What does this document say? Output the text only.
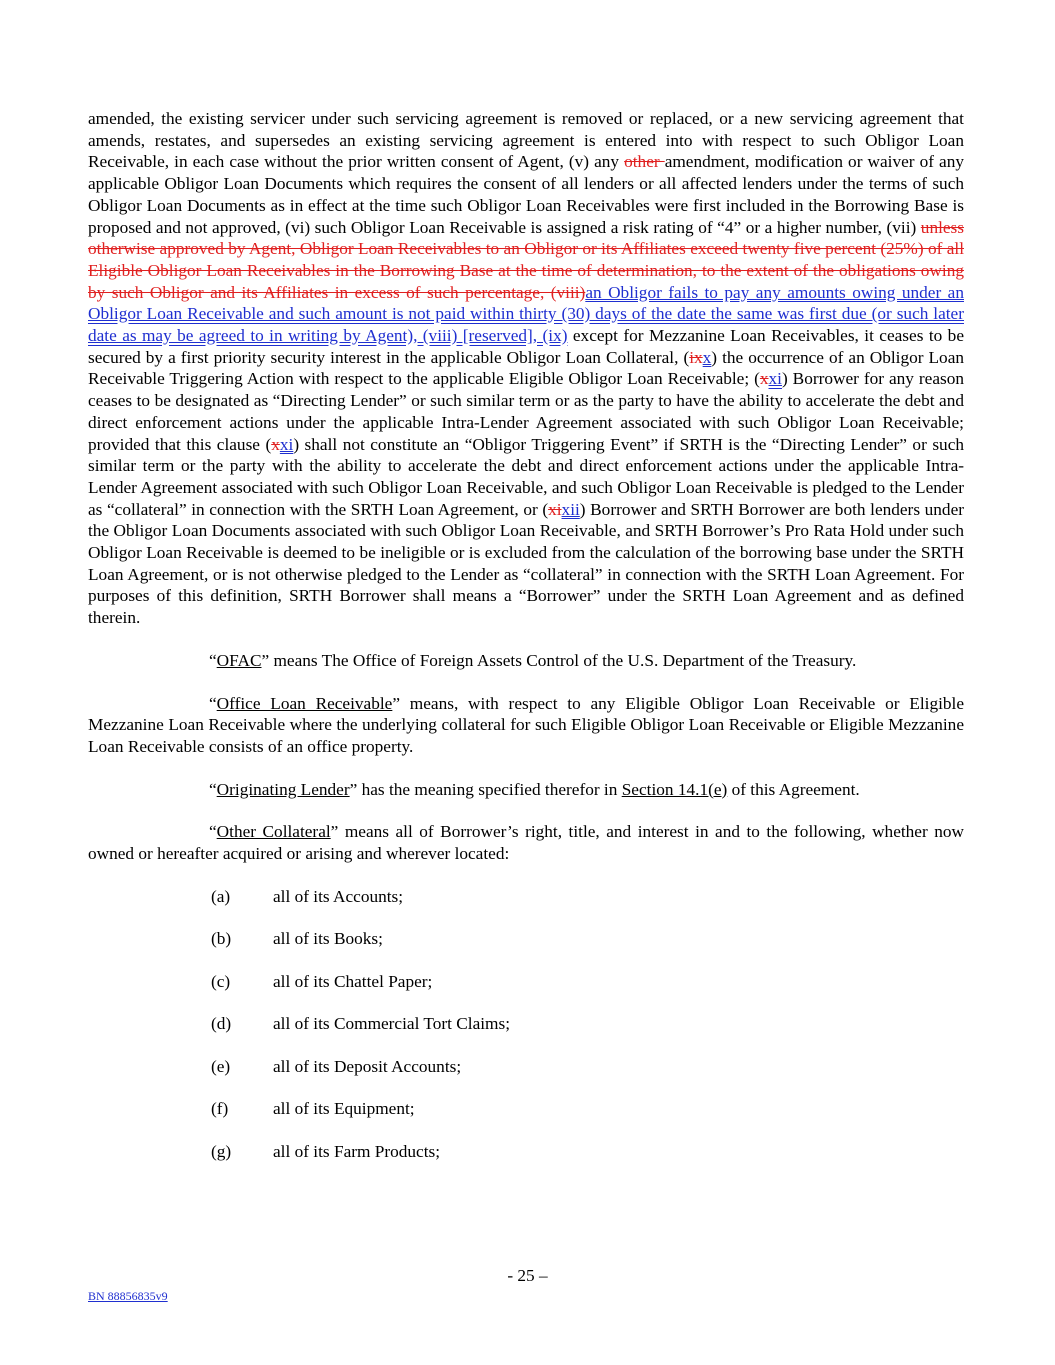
amended, the existing servicer under such servicing agreement is removed or replaced, or a new servicing agreement that amends, restates, and supersedes an existing servicing agreement is entered into with respect to such Obligor Loan Receivable, in each case without the prior written consent of Agent, (v) any other amendment, modification or waiver of any applicable Obligor Loan Documents which requires the consent of all lenders or all affected lenders under the terms of such Obligor Loan Documents as in effect at the time such Obligor Loan Receivables were first included in the Borrowing Base is proposed and not approved, (vi) such Obligor Loan Receivable is assigned a risk rating of “4” or a higher number, (vii) unless otherwise approved by Agent, Obligor Loan Receivables to an Obligor or its Affiliates exceed twenty five percent (25%) of all Eligible Obligor Loan Receivables in the Borrowing Base at the time of determination, to the extent of the obligations owing by such Obligor and its Affiliates in excess of such percentage, (viii)an Obligor fails to pay any amounts owing under an Obligor Loan Receivable and such amount is not paid within thirty (30) days of the date the same was first due (or such later date as may be agreed to in writing by Agent), (viii) [reserved], (ix) except for Mezzanine Loan Receivables, it ceases to be secured by a first priority security interest in the applicable Obligor Loan Collateral, (ixx) the occurrence of an Obligor Loan Receivable Triggering Action with respect to the applicable Eligible Obligor Loan Receivable; (xxi) Borrower for any reason ceases to be designated as “Directing Lender” or such similar term or as the party to have the ability to accelerate the debt and direct enforcement actions under the applicable Intra-Lender Agreement associated with such Obligor Loan Receivable; provided that this clause (xxi) shall not constitute an “Obligor Triggering Event” if SRTH is the “Directing Lender” or such similar term or the party with the ability to accelerate the debt and direct enforcement actions under the applicable Intra-Lender Agreement associated with such Obligor Loan Receivable, and such Obligor Loan Receivable is pledged to the Lender as “collateral” in connection with the SRTH Loan Agreement, or (xixii) Borrower and SRTH Borrower are both lenders under the Obligor Loan Documents associated with such Obligor Loan Receivable, and SRTH Borrower’s Pro Rata Hold under such Obligor Loan Receivable is deemed to be ineligible or is excluded from the calculation of the borrowing base under the SRTH Loan Agreement, or is not otherwise pledged to the Lender as “collateral” in connection with the SRTH Loan Agreement. For purposes of this definition, SRTH Borrower shall means a “Borrower” under the SRTH Loan Agreement and as defined therein.

“OFAC” means The Office of Foreign Assets Control of the U.S. Department of the Treasury.

“Office Loan Receivable” means, with respect to any Eligible Obligor Loan Receivable or Eligible Mezzanine Loan Receivable where the underlying collateral for such Eligible Obligor Loan Receivable or Eligible Mezzanine Loan Receivable consists of an office property.

“Originating Lender” has the meaning specified therefor in Section 14.1(e) of this Agreement.

“Other Collateral” means all of Borrower’s right, title, and interest in and to the following, whether now owned or hereafter acquired or arising and wherever located:

(a) all of its Accounts;
(b) all of its Books;
(c) all of its Chattel Paper;
(d) all of its Commercial Tort Claims;
(e) all of its Deposit Accounts;
(f)	all of its Equipment;
(g) all of its Farm Products;
- 25 –
BN 88856835v9
